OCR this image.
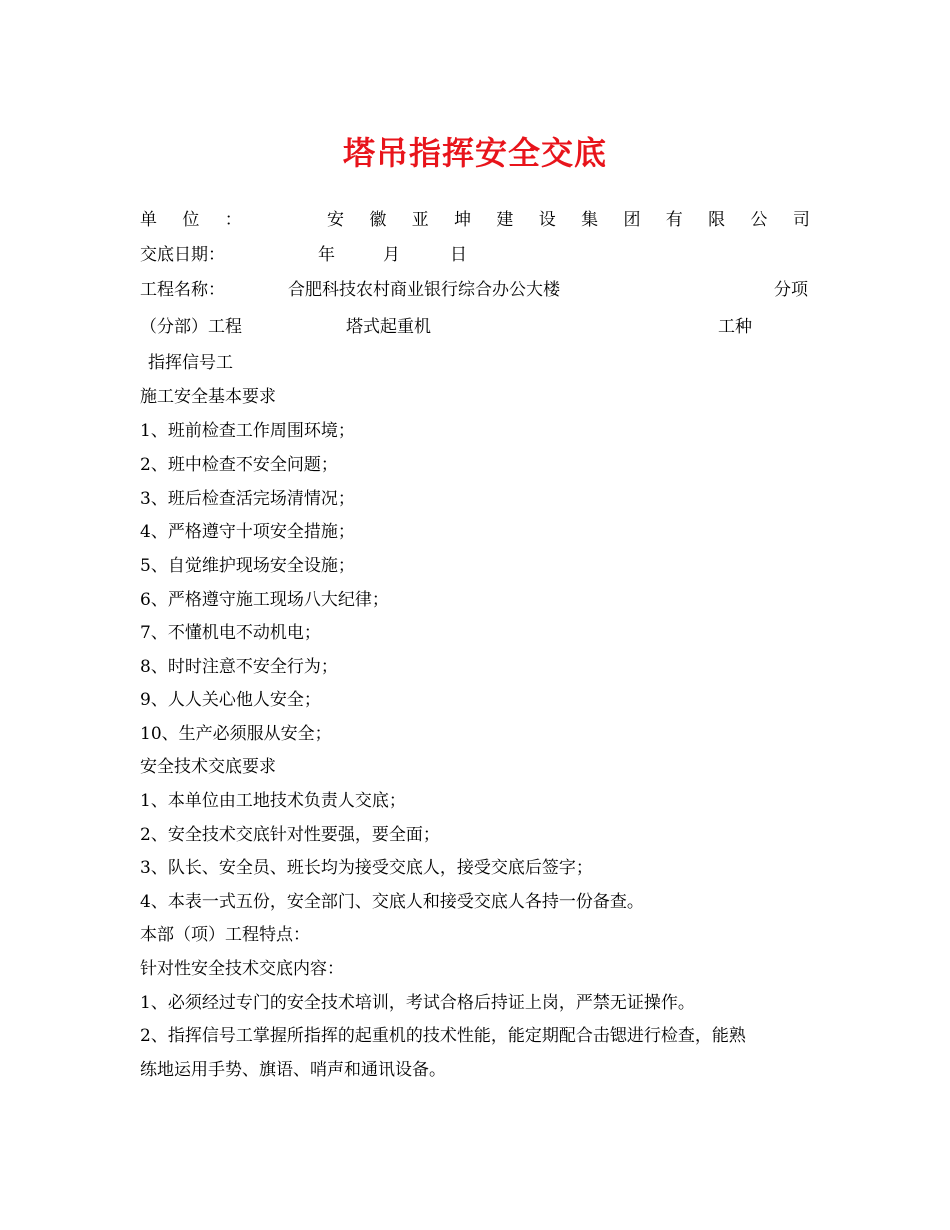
塔吊指挥安全交底
单 位 ：	安 徽 亚 坤 建 设 集 团 有 限 公 司
交底日期：	年	月	日
工程名称：	合肥科技农村商业银行综合办公大楼	分项
（分部）工程	塔式起重机	工种
指挥信号工
施工安全基本要求
1、班前检查工作周围环境；
2、班中检查不安全问题；
3、班后检查活完场清情况；
4、严格遵守十项安全措施；
5、自觉维护现场安全设施；
6、严格遵守施工现场八大纪律；
7、不懂机电不动机电；
8、时时注意不安全行为；
9、人人关心他人安全；
10、生产必须服从安全；
安全技术交底要求
1、本单位由工地技术负责人交底；
2、安全技术交底针对性要强，要全面；
3、队长、安全员、班长均为接受交底人，接受交底后签字；
4、本表一式五份，安全部门、交底人和接受交底人各持一份备查。
本部（项）工程特点：
针对性安全技术交底内容：
1、必须经过专门的安全技术培训，考试合格后持证上岗，严禁无证操作。
2、指挥信号工掌握所指挥的起重机的技术性能，能定期配合击锶进行检查，能熟
练地运用手势、旗语、哨声和通讯设备。
